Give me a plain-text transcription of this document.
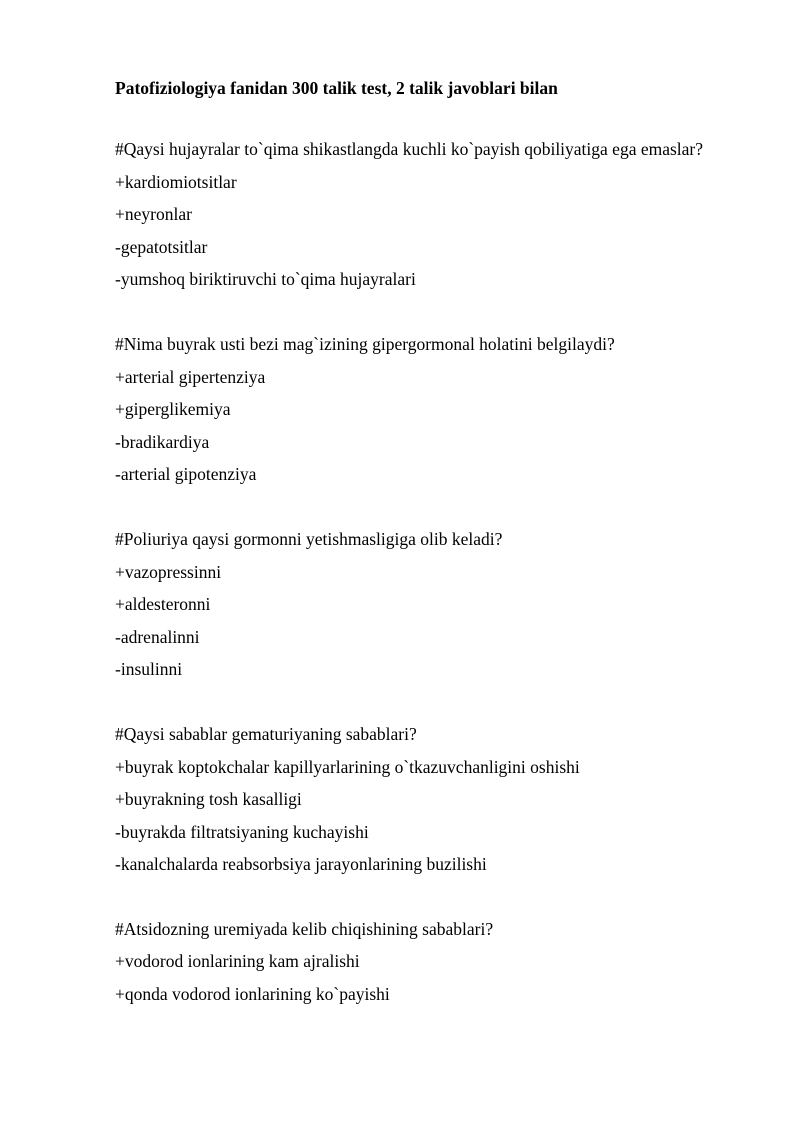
Patofiziologiya fanidan 300 talik test, 2 talik javoblari bilan

#Qaysi hujayralar to`qima shikastlangda kuchli ko`payish qobiliyatiga ega emaslar?

+kardiomiotsitlar

+neyronlar

-gepatotsitlar

-yumshoq biriktiruvchi to`qima hujayralari

#Nima buyrak usti bezi mag`izining gipergormonal holatini belgilaydi?

+arterial gipertenziya

+giperglikemiya

-bradikardiya

-arterial gipotenziya

#Poliuriya qaysi gormonni yetishmasligiga olib keladi?

+vazopressinni

+aldesteronni

-adrenalinni

-insulinni

#Qaysi sabablar gematuriyaning sabablari?

+buyrak koptokchalar kapillyarlarining o`tkazuvchanligini oshishi

+buyrakning tosh kasalligi

-buyrakda filtratsiyaning kuchayishi

-kanalchalarda reabsorbsiya jarayonlarining buzilishi

#Atsidozning uremiyada kelib chiqishining sabablari?

+vodorod ionlarining kam ajralishi

+qonda vodorod ionlarining ko`payishi
